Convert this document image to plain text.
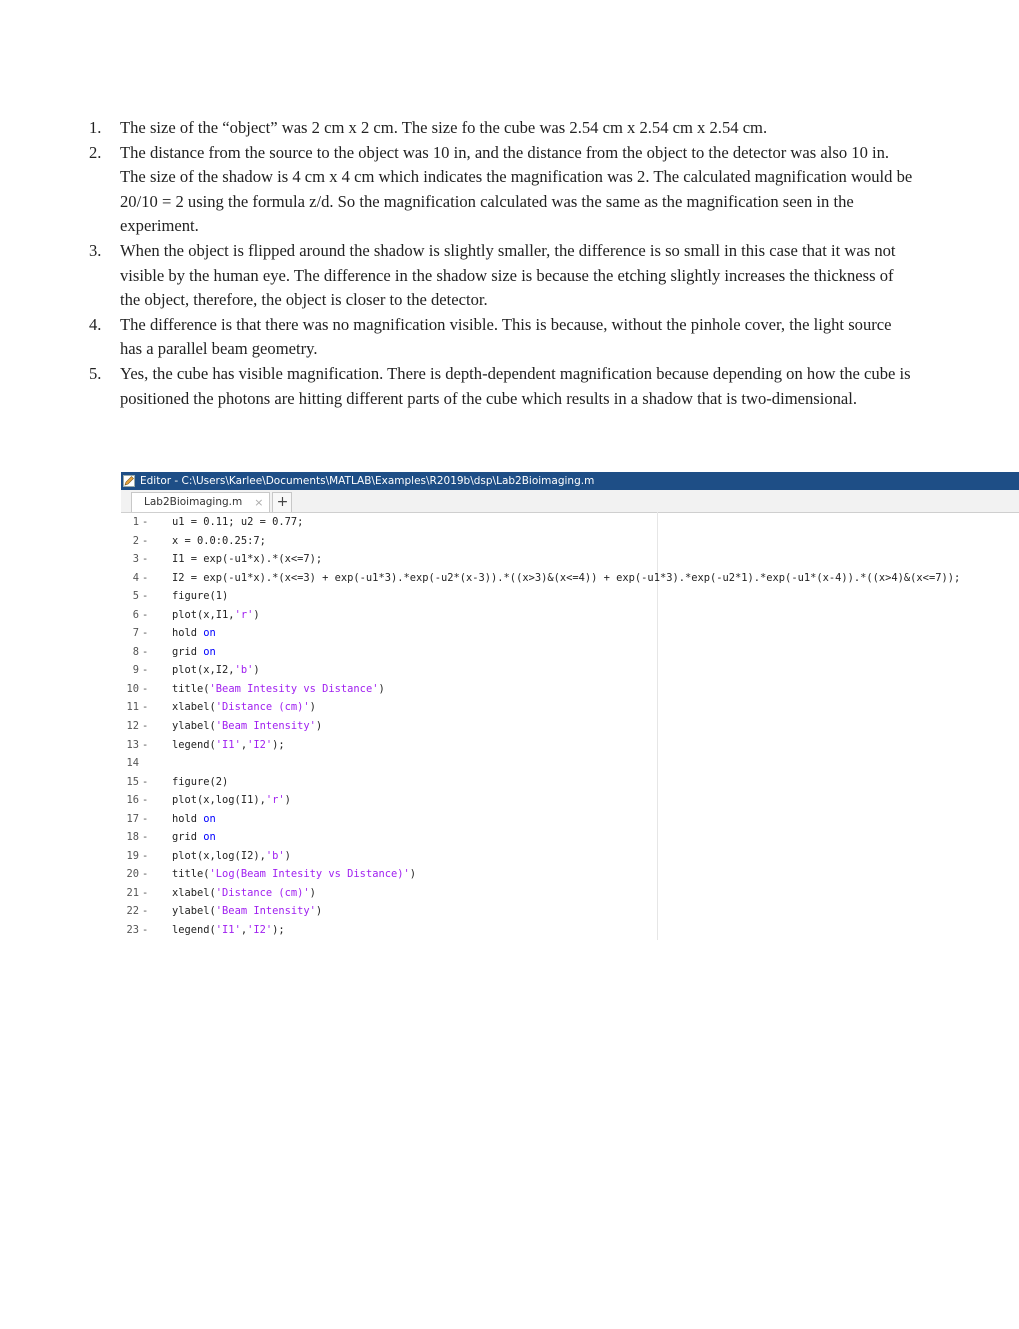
1. The size of the “object” was 2 cm x 2 cm. The size fo the cube was 2.54 cm x 2.54 cm x 2.54 cm.
2. The distance from the source to the object was 10 in, and the distance from the object to the detector was also 10 in. The size of the shadow is 4 cm x 4 cm which indicates the magnification was 2. The calculated magnification would be 20/10 = 2 using the formula z/d. So the magnification calculated was the same as the magnification seen in the experiment.
3. When the object is flipped around the shadow is slightly smaller, the difference is so small in this case that it was not visible by the human eye. The difference in the shadow size is because the etching slightly increases the thickness of the object, therefore, the object is closer to the detector.
4. The difference is that there was no magnification visible. This is because, without the pinhole cover, the light source has a parallel beam geometry.
5. Yes, the cube has visible magnification. There is depth-dependent magnification because depending on how the cube is positioned the photons are hitting different parts of the cube which results in a shadow that is two-dimensional.
Editor - C:\Users\Karlee\Documents\MATLAB\Examples\R2019b\dsp\Lab2Bioimaging.m
Lab2Bioimaging.m × +
1 - u1 = 0.11; u2 = 0.77;
2 - x = 0.0:0.25:7;
3 - I1 = exp(-u1*x).*(x<=7);
4 - I2 = exp(-u1*x).*(x<=3) + exp(-u1*3).*exp(-u2*(x-3)).*((x>3)&(x<=4)) + exp(-u1*3).*exp(-u2*1).*exp(-u1*(x-4)).*((x>4)&(x<=7));
5 - figure(1)
6 - plot(x,I1,'r')
7 - hold on
8 - grid on
9 - plot(x,I2,'b')
10 - title('Beam Intesity vs Distance')
11 - xlabel('Distance (cm)')
12 - ylabel('Beam Intensity')
13 - legend('I1','I2');
14
15 - figure(2)
16 - plot(x,log(I1),'r')
17 - hold on
18 - grid on
19 - plot(x,log(I2),'b')
20 - title('Log(Beam Intesity vs Distance)')
21 - xlabel('Distance (cm)')
22 - ylabel('Beam Intensity')
23 - legend('I1','I2');
